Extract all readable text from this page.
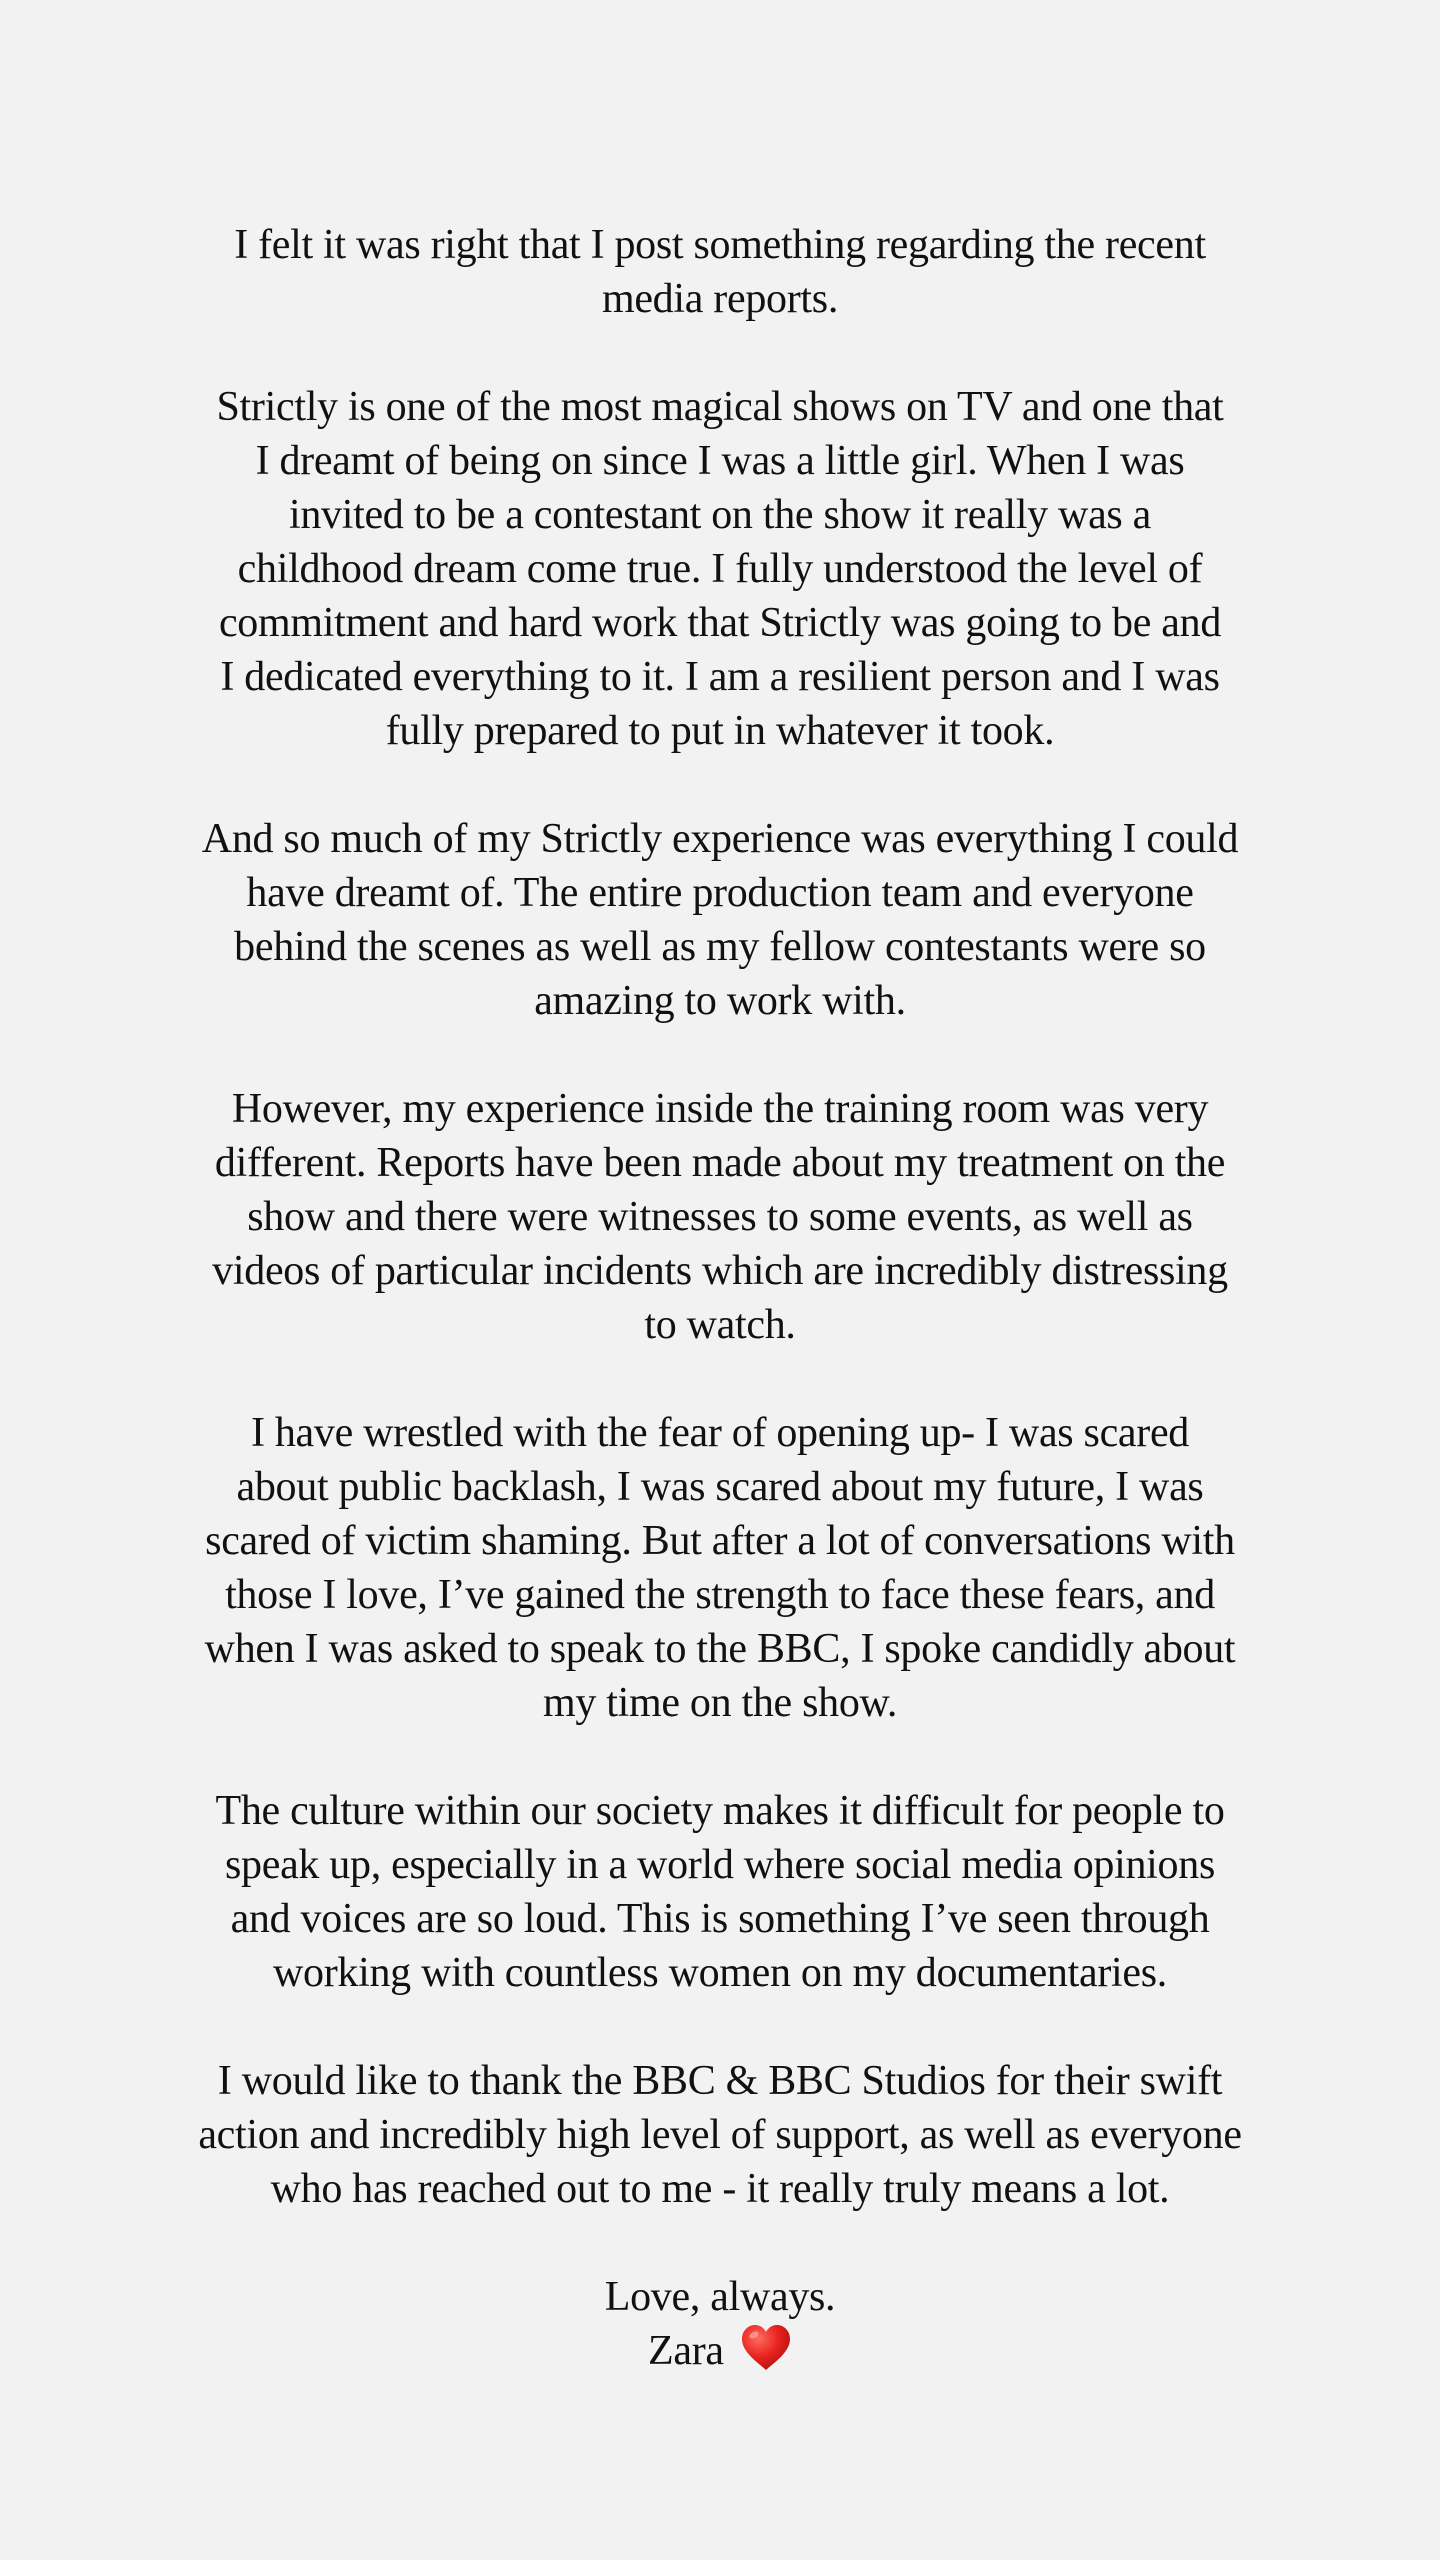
I felt it was right that I post something regarding the recent
media reports.

Strictly is one of the most magical shows on TV and one that
I dreamt of being on since I was a little girl. When I was
invited to be a contestant on the show it really was a
childhood dream come true. I fully understood the level of
commitment and hard work that Strictly was going to be and
I dedicated everything to it. I am a resilient person and I was
fully prepared to put in whatever it took.

And so much of my Strictly experience was everything I could
have dreamt of. The entire production team and everyone
behind the scenes as well as my fellow contestants were so
amazing to work with.

However, my experience inside the training room was very
different. Reports have been made about my treatment on the
show and there were witnesses to some events, as well as
videos of particular incidents which are incredibly distressing
to watch.

I have wrestled with the fear of opening up- I was scared
about public backlash, I was scared about my future, I was
scared of victim shaming. But after a lot of conversations with
those I love, I’ve gained the strength to face these fears, and
when I was asked to speak to the BBC, I spoke candidly about
my time on the show.

The culture within our society makes it difficult for people to
speak up, especially in a world where social media opinions
and voices are so loud. This is something I’ve seen through
working with countless women on my documentaries.

I would like to thank the BBC & BBC Studios for their swift
action and incredibly high level of support, as well as everyone
who has reached out to me - it really truly means a lot.

Love, always.
Zara
